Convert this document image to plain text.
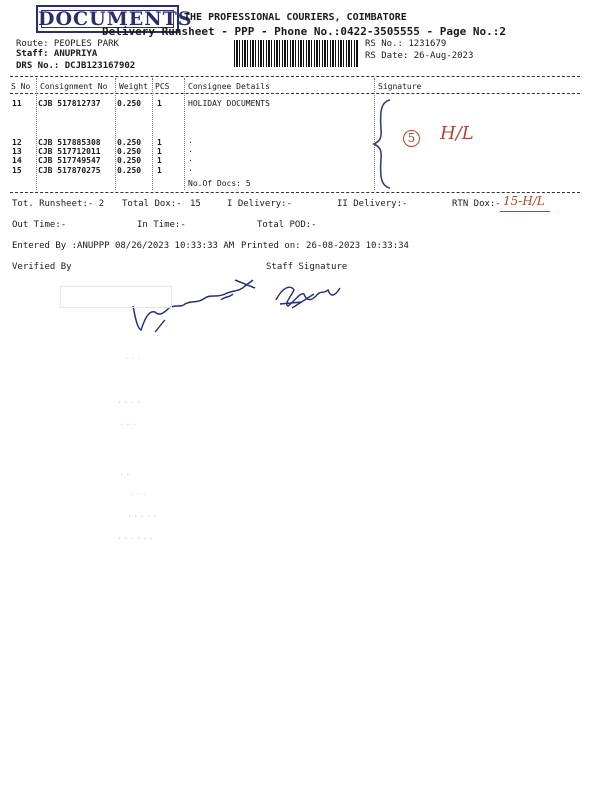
DOCUMENTS
THE PROFESSIONAL COURIERS, COIMBATORE
Delivery Runsheet - PPP - Phone No.:0422-3505555 - Page No.:2
Route: PEOPLES PARK
Staff: ANUPRIYA
DRS No.: DCJB123167902
RS No.: 1231679
RS Date: 26-Aug-2023
S No Consignment No Weight PCS Consignee Details	Signature
11 CJB 517812737 0.250 1	HOLIDAY DOCUMENTS
12 CJB 517885308 0.250 1	.
13 CJB 517712011 0.250 1	.
14 CJB 517749547 0.250 1	.
15 CJB 517870275 0.250 1	.
No.Of Docs: 5
5 H/L
Tot. Runsheet:- 2 Total Dox:- 15	I Delivery:-	II Delivery:-	RTN Dox:- 15-H/L
Out Time:-	In Time:-	Total POD:-
Entered By :ANUPPP 08/26/2023 10:33:33 AM Printed on: 26-08-2023 10:33:34
Verified By	Staff Signature
· · ·
· · · ·
· · ·
· ·
· · ·
· · · · ·
· · · · · ·
